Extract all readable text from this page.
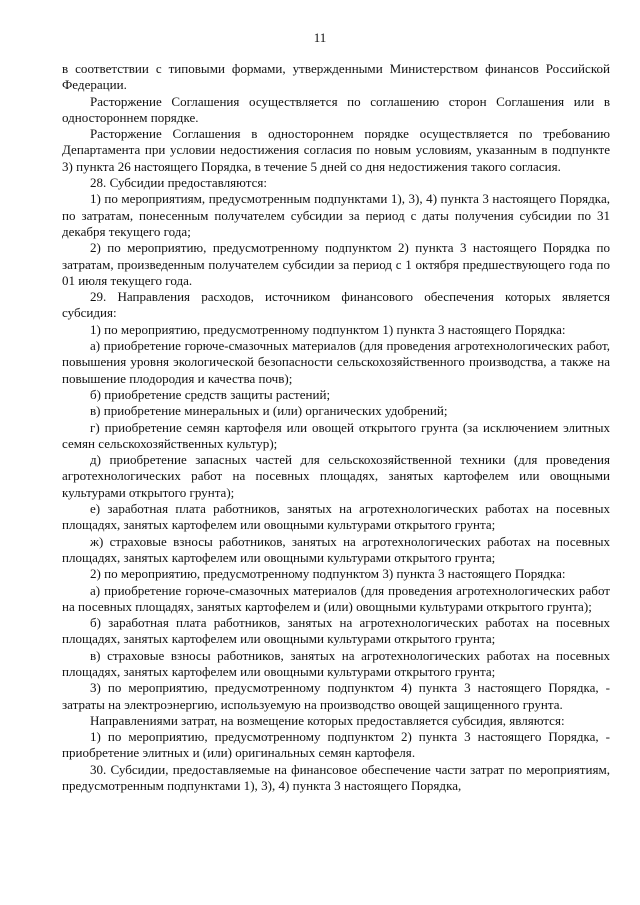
11

в соответствии с типовыми формами, утвержденными Министерством финансов Российской Федерации.

Расторжение Соглашения осуществляется по соглашению сторон Соглашения или в одностороннем порядке.

Расторжение Соглашения в одностороннем порядке осуществляется по требованию Департамента при условии недостижения согласия по новым условиям, указанным в подпункте 3) пункта 26 настоящего Порядка, в течение 5 дней со дня недостижения такого согласия.

28. Субсидии предоставляются:

1) по мероприятиям, предусмотренным подпунктами 1), 3), 4) пункта 3 настоящего Порядка, по затратам, понесенным получателем субсидии за период с даты получения субсидии по 31 декабря текущего года;

2) по мероприятию, предусмотренному подпунктом 2) пункта 3 настоящего Порядка по затратам, произведенным получателем субсидии за период с 1 октября предшествующего года по 01 июля текущего года.

29. Направления расходов, источником финансового обеспечения которых является субсидия:

1) по мероприятию, предусмотренному подпунктом 1) пункта 3 настоящего Порядка:

а) приобретение горюче-смазочных материалов (для проведения агротехнологических работ, повышения уровня экологической безопасности сельскохозяйственного производства, а также на повышение плодородия и качества почв);

б) приобретение средств защиты растений;

в) приобретение минеральных и (или) органических удобрений;

г) приобретение семян картофеля или овощей открытого грунта (за исключением элитных семян сельскохозяйственных культур);

д) приобретение запасных частей для сельскохозяйственной техники (для проведения агротехнологических работ на посевных площадях, занятых картофелем или овощными культурами открытого грунта);

е) заработная плата работников, занятых на агротехнологических работах на посевных площадях, занятых картофелем или овощными культурами открытого грунта;

ж) страховые взносы работников, занятых на агротехнологических работах на посевных площадях, занятых картофелем или овощными культурами открытого грунта;

2) по мероприятию, предусмотренному подпунктом 3) пункта 3 настоящего Порядка:

а) приобретение горюче-смазочных материалов (для проведения агротехнологических работ на посевных площадях, занятых картофелем и (или) овощными культурами открытого грунта);

б) заработная плата работников, занятых на агротехнологических работах на посевных площадях, занятых картофелем или овощными культурами открытого грунта;

в) страховые взносы работников, занятых на агротехнологических работах на посевных площадях, занятых картофелем или овощными культурами открытого грунта;

3) по мероприятию, предусмотренному подпунктом 4) пункта 3 настоящего Порядка, - затраты на электроэнергию, используемую на производство овощей защищенного грунта.

Направлениями затрат, на возмещение которых предоставляется субсидия, являются:

1) по мероприятию, предусмотренному подпунктом 2) пункта 3 настоящего Порядка, - приобретение элитных и (или) оригинальных семян картофеля.

30. Субсидии, предоставляемые на финансовое обеспечение части затрат по мероприятиям, предусмотренным подпунктами 1), 3), 4) пункта 3 настоящего Порядка,
